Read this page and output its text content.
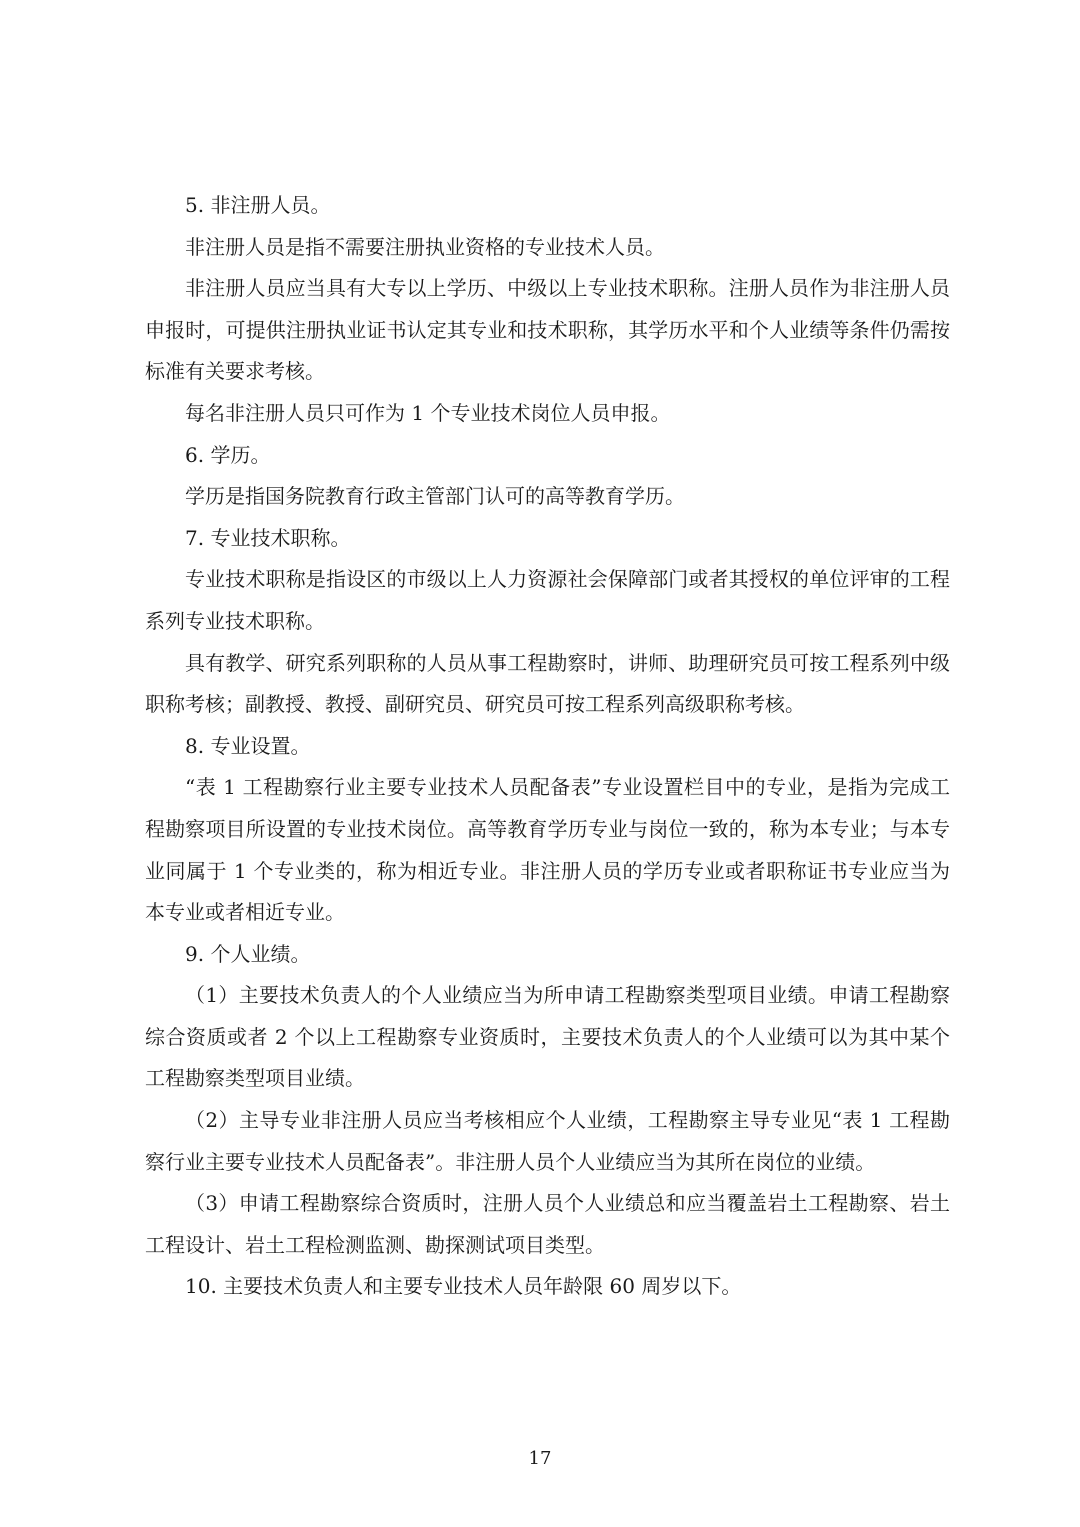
5. 非注册人员。

非注册人员是指不需要注册执业资格的专业技术人员。

非注册人员应当具有大专以上学历、中级以上专业技术职称。注册人员作为非注册人员申报时，可提供注册执业证书认定其专业和技术职称，其学历水平和个人业绩等条件仍需按标准有关要求考核。

每名非注册人员只可作为 1 个专业技术岗位人员申报。

6. 学历。

学历是指国务院教育行政主管部门认可的高等教育学历。

7. 专业技术职称。

专业技术职称是指设区的市级以上人力资源社会保障部门或者其授权的单位评审的工程系列专业技术职称。

具有教学、研究系列职称的人员从事工程勘察时，讲师、助理研究员可按工程系列中级职称考核；副教授、教授、副研究员、研究员可按工程系列高级职称考核。

8. 专业设置。

“表 1 工程勘察行业主要专业技术人员配备表”专业设置栏目中的专业，是指为完成工程勘察项目所设置的专业技术岗位。高等教育学历专业与岗位一致的，称为本专业；与本专业同属于 1 个专业类的，称为相近专业。非注册人员的学历专业或者职称证书专业应当为本专业或者相近专业。

9. 个人业绩。

（1）主要技术负责人的个人业绩应当为所申请工程勘察类型项目业绩。申请工程勘察综合资质或者 2 个以上工程勘察专业资质时，主要技术负责人的个人业绩可以为其中某个工程勘察类型项目业绩。

（2）主导专业非注册人员应当考核相应个人业绩，工程勘察主导专业见“表 1 工程勘察行业主要专业技术人员配备表”。非注册人员个人业绩应当为其所在岗位的业绩。

（3）申请工程勘察综合资质时，注册人员个人业绩总和应当覆盖岩土工程勘察、岩土工程设计、岩土工程检测监测、勘探测试项目类型。

10. 主要技术负责人和主要专业技术人员年龄限 60 周岁以下。

17
